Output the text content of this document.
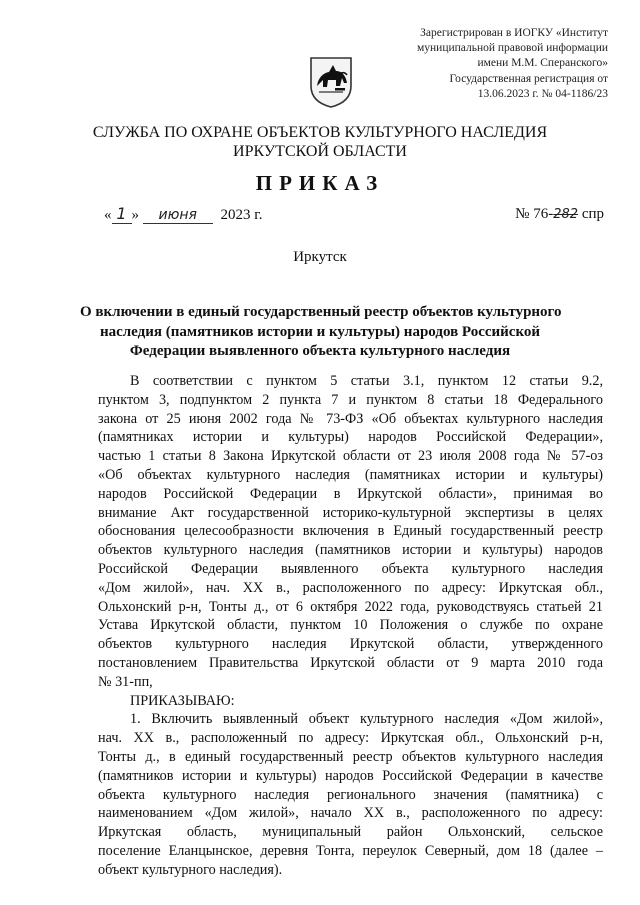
Зарегистрирован в ИОГКУ «Институт
муниципальной правовой информации
имени М.М. Сперанского»
Государственная регистрация от
13.06.2023 г. № 04-1186/23
СЛУЖБА ПО ОХРАНЕ ОБЪЕКТОВ КУЛЬТУРНОГО НАСЛЕДИЯ
ИРКУТСКОЙ ОБЛАСТИ
ПРИКАЗ
« 1 » июня 2023 г.	№ 76-282 спр
Иркутск
О включении в единый государственный реестр объектов культурного
наследия (памятников истории и культуры) народов Российской
Федерации выявленного объекта культурного наследия
В соответствии с пунктом 5 статьи 3.1, пунктом 12 статьи 9.2,
пунктом 3, подпунктом 2 пункта 7 и пунктом 8 статьи 18 Федерального
закона от 25 июня 2002 года № 73-ФЗ «Об объектах культурного наследия
(памятниках истории и культуры) народов Российской Федерации»,
частью 1 статьи 8 Закона Иркутской области от 23 июля 2008 года № 57-оз
«Об объектах культурного наследия (памятниках истории и культуры)
народов Российской Федерации в Иркутской области», принимая во
внимание Акт государственной историко-культурной экспертизы в целях
обоснования целесообразности включения в Единый государственный реестр
объектов культурного наследия (памятников истории и культуры) народов
Российской Федерации выявленного объекта культурного наследия
«Дом жилой», нач. XX в., расположенного по адресу: Иркутская обл.,
Ольхонский р-н, Тонты д., от 6 октября 2022 года, руководствуясь статьей 21
Устава Иркутской области, пунктом 10 Положения о службе по охране
объектов культурного наследия Иркутской области, утвержденного
постановлением Правительства Иркутской области от 9 марта 2010 года
№ 31-пп,
ПРИКАЗЫВАЮ:
1. Включить выявленный объект культурного наследия «Дом жилой»,
нач. XX в., расположенный по адресу: Иркутская обл., Ольхонский р-н,
Тонты д., в единый государственный реестр объектов культурного наследия
(памятников истории и культуры) народов Российской Федерации в качестве
объекта культурного наследия регионального значения (памятника) с
наименованием «Дом жилой», начало XX в., расположенного по адресу:
Иркутская область, муниципальный район Ольхонский, сельское
поселение Еланцынское, деревня Тонта, переулок Северный, дом 18 (далее –
объект культурного наследия).
